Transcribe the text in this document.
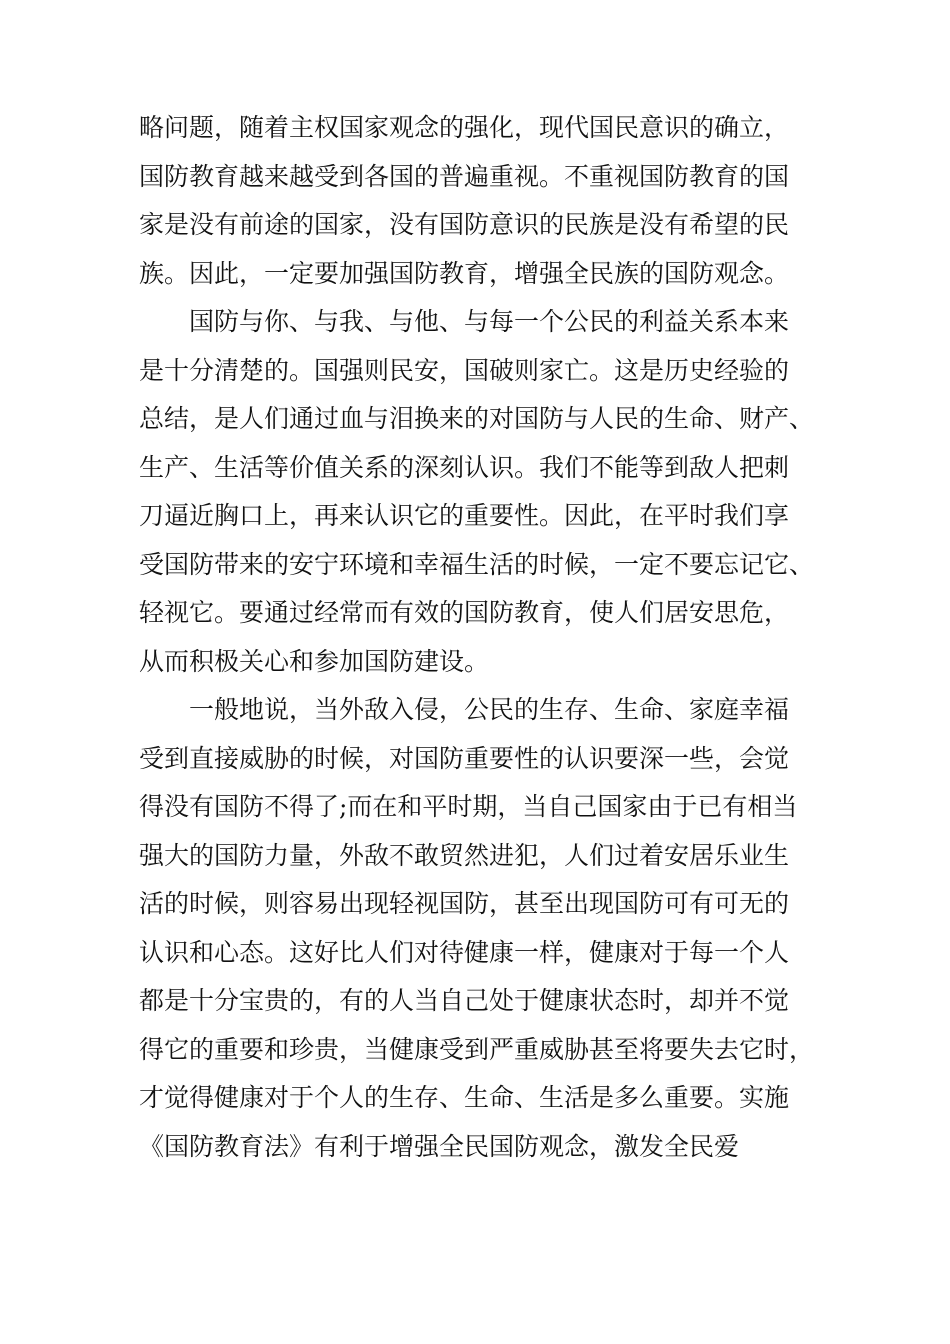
略问题，随着主权国家观念的强化，现代国民意识的确立，
国防教育越来越受到各国的普遍重视。不重视国防教育的国
家是没有前途的国家，没有国防意识的民族是没有希望的民
族。因此，一定要加强国防教育，增强全民族的国防观念。
国防与你、与我、与他、与每一个公民的利益关系本来
是十分清楚的。国强则民安，国破则家亡。这是历史经验的
总结，是人们通过血与泪换来的对国防与人民的生命、财产、
生产、生活等价值关系的深刻认识。我们不能等到敌人把刺
刀逼近胸口上，再来认识它的重要性。因此，在平时我们享
受国防带来的安宁环境和幸福生活的时候，一定不要忘记它、
轻视它。要通过经常而有效的国防教育，使人们居安思危，
从而积极关心和参加国防建设。
一般地说，当外敌入侵，公民的生存、生命、家庭幸福
受到直接威胁的时候，对国防重要性的认识要深一些，会觉
得没有国防不得了;而在和平时期，当自己国家由于已有相当
强大的国防力量，外敌不敢贸然进犯，人们过着安居乐业生
活的时候，则容易出现轻视国防，甚至出现国防可有可无的
认识和心态。这好比人们对待健康一样，健康对于每一个人
都是十分宝贵的，有的人当自己处于健康状态时，却并不觉
得它的重要和珍贵，当健康受到严重威胁甚至将要失去它时，
才觉得健康对于个人的生存、生命、生活是多么重要。实施
《国防教育法》有利于增强全民国防观念，激发全民爱
